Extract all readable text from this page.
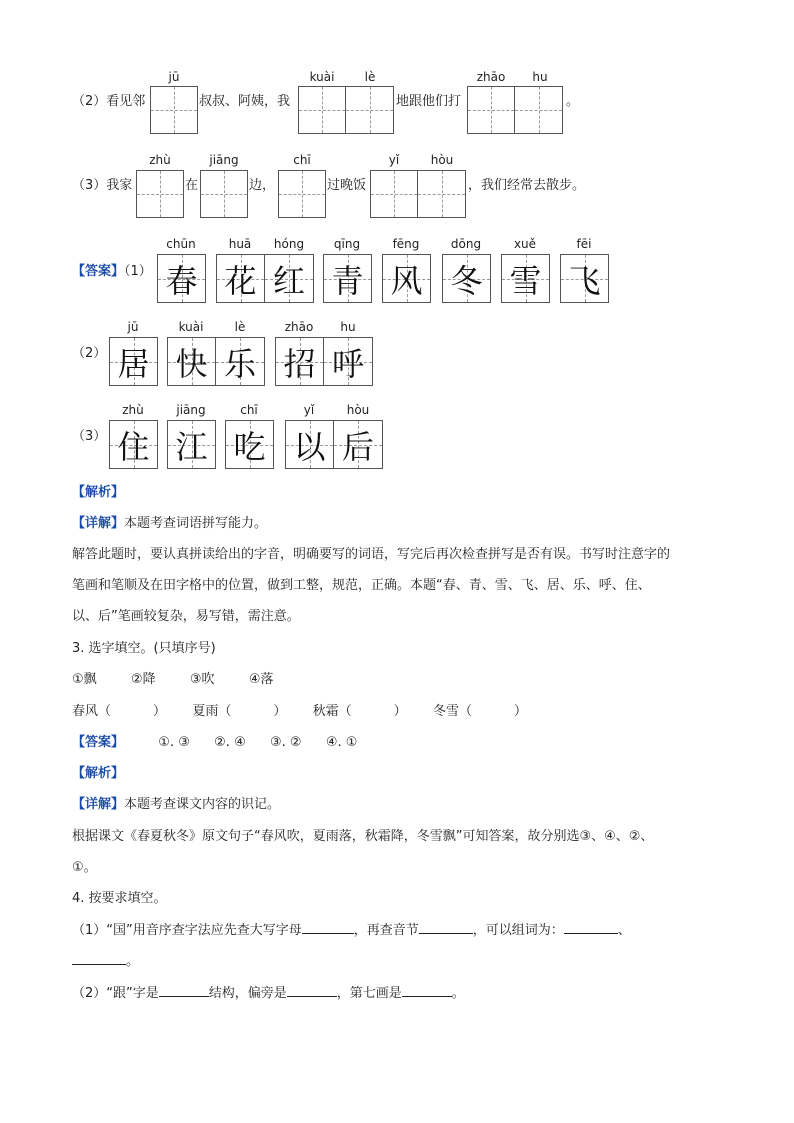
（2）看见邻
jū
叔叔、阿姨，我
kuài	lè
地跟他们打
zhāo hu
。
（3）我家
zhù
在
jiāng
边，
chī
过晚饭
yǐ	hòu
，我们经常去散步。
【答案】（1）
chūn	huā hóng qīng	fēng	dōng	xuě	fēi
春 花 红 青 风 冬 雪 飞
（2）
jū	kuài	lè	zhāo hu
居 快 乐 招 呼
（3）
zhù	jiāng	chī	yǐ	hòu
住 江 吃 以 后
【解析】
【详解】本题考查词语拼写能力。
解答此题时，要认真拼读给出的字音，明确要写的词语，写完后再次检查拼写是否有误。书写时注意字的
笔画和笔顺及在田字格中的位置，做到工整，规范，正确。本题“春、青、雪、飞、居、乐、呼、住、
以、后”笔画较复杂，易写错，需注意。
3. 选字填空。(只填序号)
①飘	②降	③吹	④落
春风（	） 夏雨（	） 秋霜（	） 冬雪（	）
【答案】	①. ③ ②. ④ ③. ② ④. ①
【解析】
【详解】本题考查课文内容的识记。
根据课文《春夏秋冬》原文句子“春风吹，夏雨落，秋霜降，冬雪飘”可知答案，故分别选③、④、②、
①。
4. 按要求填空。
（1）“国”用音序查字法应先查大写字母	，再查音节	，可以组词为：	、
。
（2）“跟”字是	结构，偏旁是	，第七画是	。
